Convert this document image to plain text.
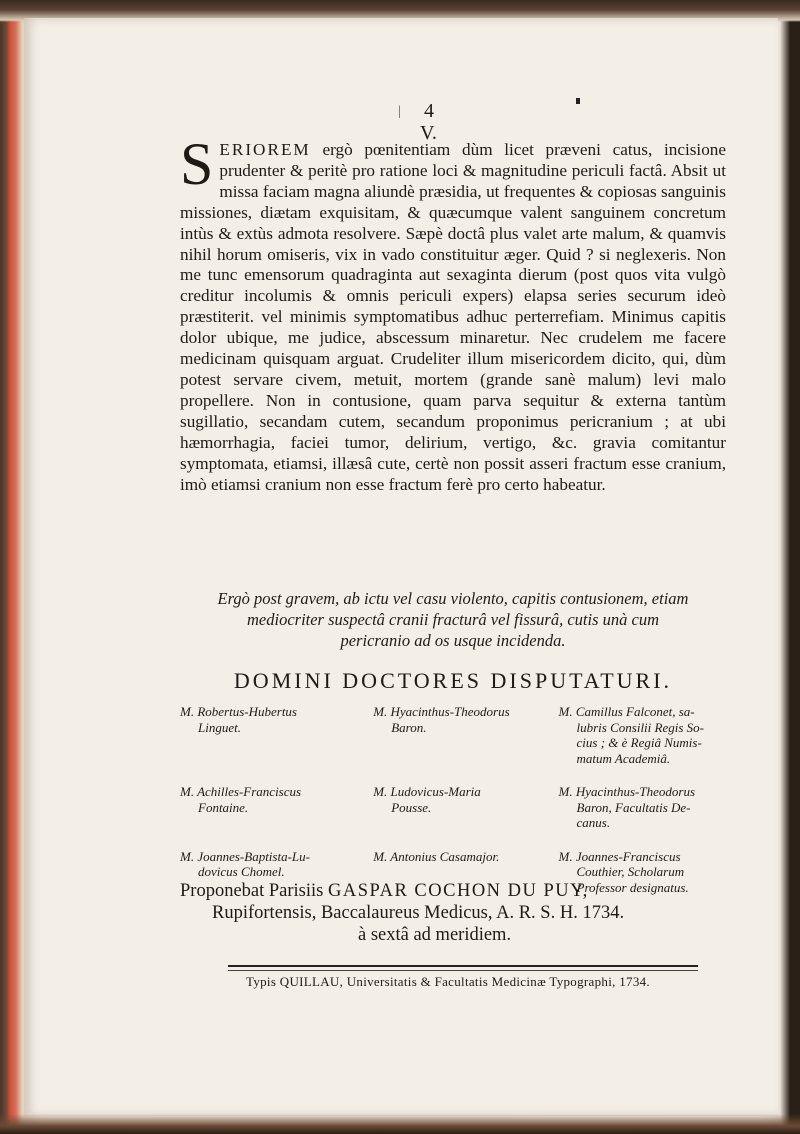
| 4
V.
S ERIOREM ergò pœnitentiam dùm licet præveni catus, incisione prudenter & peritè pro ratione loci & magnitudine periculi factâ. Absit ut missa faciam magna aliundè præsidia, ut frequentes & copiosas sanguinis missiones, diætam exquisitam, & quæcumque valent sanguinem concretum intùs & extùs admota resolvere. Sæpè doctâ plus valet arte malum, & quamvis nihil horum omiseris, vix in vado constituitur æger. Quid ? si neglexeris. Non me tunc emensorum quadraginta aut sexaginta dierum (post quos vita vulgò creditur incolumis & omnis periculi expers) elapsa series securum ideò præstiterit. vel minimis symptomatibus adhuc perterrefiam. Minimus capitis dolor ubique, me judice, abscessum minaretur. Nec crudelem me facere medicinam quisquam arguat. Crudeliter illum misericordem dicito, qui, dùm potest servare civem, metuit, mortem (grande sanè malum) levi malo propellere. Non in contusione, quam parva sequitur & externa tantùm sugillatio, secandam cutem, secandum proponimus pericranium ; at ubi hæmorrhagia, faciei tumor, delirium, vertigo, &c. gravia comitantur symptomata, etiamsi, illæsâ cute, certè non possit asseri fractum esse cranium, imò etiamsi cranium non esse fractum ferè pro certo habeatur.

Ergò post gravem, ab ictu vel casu violento, capitis contusionem, etiam
mediocriter suspectâ cranii fracturâ vel fissurâ, cutis unà cum
pericranio ad os usque incidenda.
DOMINI DOCTORES DISPUTATURI.
M. Robertus-Hubertus
Linguet.
M. Hyacinthus-Theodorus
Baron.
M. Camillus Falconet, sa-
lubris Consilii Regis So-
cius ; & è Regiâ Numis-
matum Academiâ.
M. Achilles-Franciscus
Fontaine.
M. Ludovicus-Maria
Pousse.
M. Hyacinthus-Theodorus
Baron, Facultatis De-
canus.
M. Joannes-Baptista-Lu-
dovicus Chomel.
M. Antonius Casamajor.	M. Joannes-Franciscus
Couthier, Scholarum
Professor designatus.
Proponebat Parisiis GASPAR COCHON DU PUY,
Rupifortensis, Baccalaureus Medicus, A. R. S. H. 1734.
à sextâ ad meridiem.
Typis QUILLAU, Universitatis & Facultatis Medicinæ Typographi, 1734.
